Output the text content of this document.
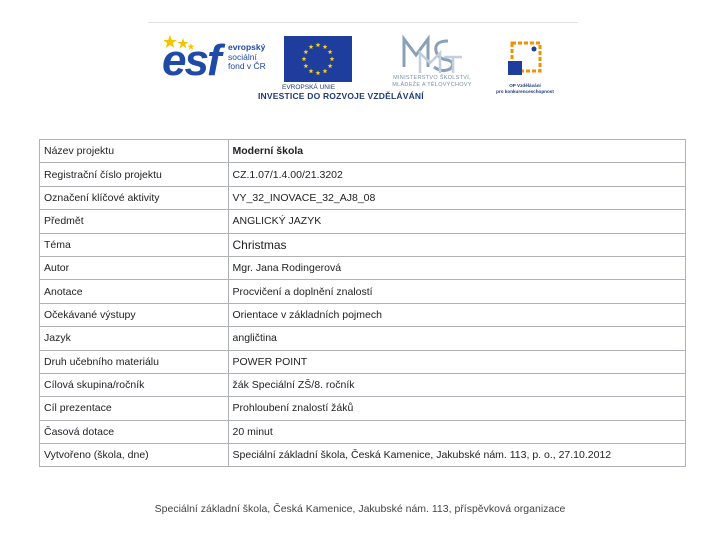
esf evropský
sociální
fond v ČR
EVROPSKÁ UNIE
MINISTERSTVO ŠKOLSTVÍ,
MLÁDEŽE A TĚLOVÝCHOVY	OP Vzdělávání
pro konkurenceschopnost
INVESTICE DO ROZVOJE VZDĚLÁVÁNÍ
Název projektu	Moderní škola
Registrační číslo projektu	CZ.1.07/1.4.00/21.3202
Označení klíčové aktivity	VY_32_INOVACE_32_AJ8_08
Předmět	ANGLICKÝ JAZYK
Téma	Christmas
Autor	Mgr. Jana Rodingerová
Anotace	Procvičení a doplnění znalostí
Očekávané výstupy	Orientace v základních pojmech
Jazyk	angličtina
Druh učebního materiálu	POWER POINT
Cílová skupina/ročník	žák Speciální ZŠ/8. ročník
Cíl prezentace	Prohloubení znalostí žáků
Časová dotace	20 minut
Vytvořeno (škola, dne)	Speciální základní škola, Česká Kamenice, Jakubské nám. 113, p. o., 27.10.2012
Speciální základní škola, Česká Kamenice, Jakubské nám. 113, příspěvková organizace
